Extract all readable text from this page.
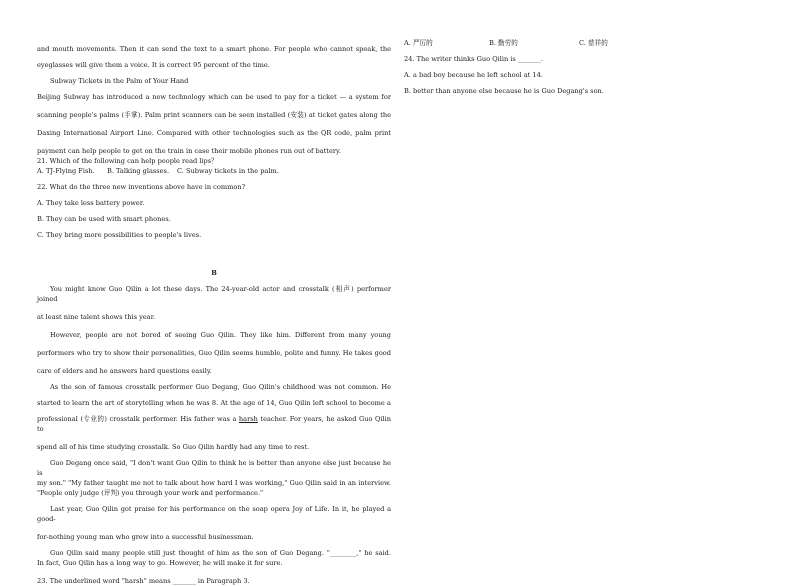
and mouth movements. Then it can send the text to a smart phone. For people who cannot speak, the

eyeglasses will give them a voice. It is correct 95 percent of the time.

Subway Tickets in the Palm of Your Hand

Beijing Subway has introduced a new technology which can be used to pay for a ticket — a system for

scanning people's palms (手掌). Palm print scanners can be seen installed (安装) at ticket gates along the

Daxing International Airport Line. Compared with other technologies such as the QR code, palm print

payment can help people to get on the train in case their mobile phones run out of battery.

21. Which of the following can help people read lips？

A. TJ-Flying Fish.	B. Talking glasses.	C. Subway tickets in the palm.

22. What do the three new inventions above have in common?

A. They take less battery power.

B. They can be used with smart phones.

C. They bring more possibilities to people's lives.

B

You might know Guo Qilin a lot these days. The 24-year-old actor and crosstalk (相声) performer joined

at least nine talent shows this year.

However, people are not bored of seeing Guo Qilin. They like him. Different from many young

performers who try to show their personalities, Guo Qilin seems humble, polite and funny. He takes good

care of elders and he answers hard questions easily.

As the son of famous crosstalk performer Guo Degang, Guo Qilin's childhood was not common. He

started to learn the art of storytelling when he was 8. At the age of 14, Guo Qilin left school to become a

professional (专业的) crosstalk performer. His father was a harsh teacher. For years, he asked Guo Qilin to

spend all of his time studying crosstalk. So Guo Qilin hardly had any time to rest.

Guo Degang once said, "I don't want Guo Qilin to think he is better than anyone else just because he is

my son." "My father taught me not to talk about how hard I was working," Guo Qilin said in an interview.

"People only judge (评判) you through your work and performance."

Last year, Guo Qilin got praise for his performance on the soap opera Joy of Life. In it, he played a good-

for-nothing young man who grew into a successful businessman.

Guo Qilin said many people still just thought of him as the son of Guo Degang. "________," he said.

In fact, Guo Qilin has a long way to go. However, he will make it for sure.

23. The underlined word "harsh" means _______ in Paragraph 3.

A. 严厉的	B. 勤劳的	C. 慈祥的

24. The writer thinks Guo Qilin is _______.

A. a bad boy because he left school at 14.

B. better than anyone else because he is Guo Degang's son.
